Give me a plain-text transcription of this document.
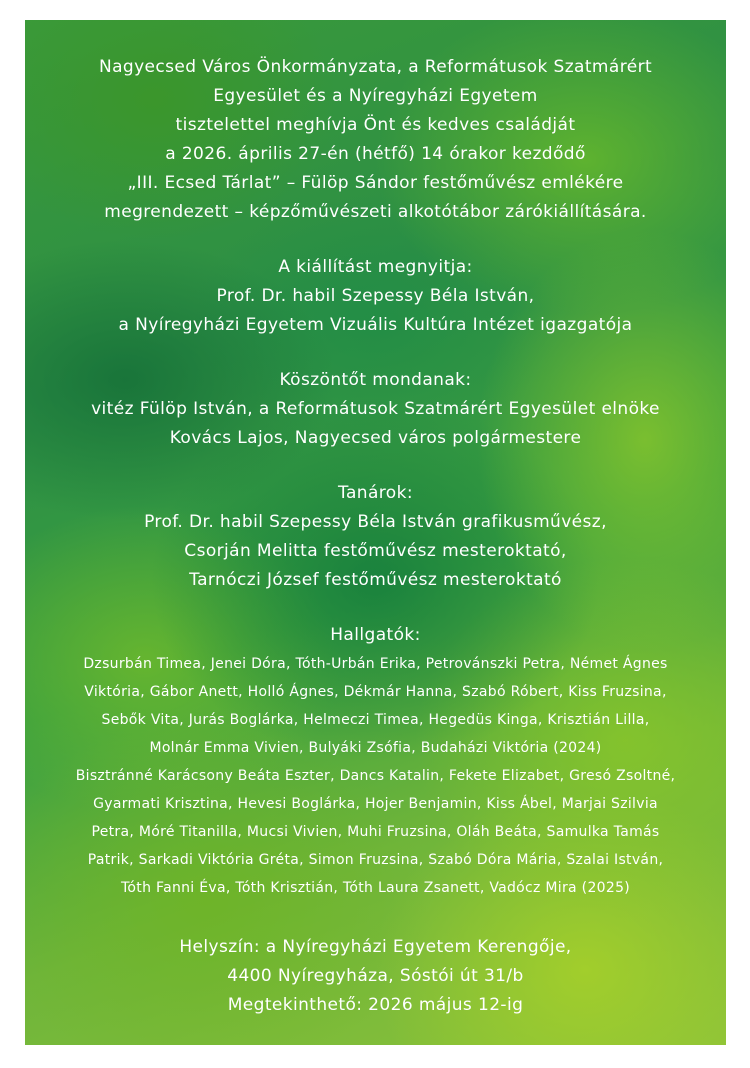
Nagyecsed Város Önkormányzata, a Reformátusok Szatmárért
Egyesület és a Nyíregyházi Egyetem
tisztelettel meghívja Önt és kedves családját
a 2026. április 27-én (hétfő) 14 órakor kezdődő
„III. Ecsed Tárlat” – Fülöp Sándor festőművész emlékére
megrendezett – képzőművészeti alkotótábor zárókiállítására.
A kiállítást megnyitja:
Prof. Dr. habil Szepessy Béla István,
a Nyíregyházi Egyetem Vizuális Kultúra Intézet igazgatója
Köszöntőt mondanak:
vitéz Fülöp István, a Reformátusok Szatmárért Egyesület elnöke
Kovács Lajos, Nagyecsed város polgármestere
Tanárok:
Prof. Dr. habil Szepessy Béla István grafikusművész,
Csorján Melitta festőművész mesteroktató,
Tarnóczi József festőművész mesteroktató
Hallgatók:
Dzsurbán Timea, Jenei Dóra, Tóth-Urbán Erika, Petrovánszki Petra, Német Ágnes
Viktória, Gábor Anett, Holló Ágnes, Dékmár Hanna, Szabó Róbert, Kiss Fruzsina,
Sebők Vita, Jurás Boglárka, Helmeczi Timea, Hegedüs Kinga, Krisztián Lilla,
Molnár Emma Vivien, Bulyáki Zsófia, Budaházi Viktória (2024)
Bisztránné Karácsony Beáta Eszter, Dancs Katalin, Fekete Elizabet, Gresó Zsoltné,
Gyarmati Krisztina, Hevesi Boglárka, Hojer Benjamin, Kiss Ábel, Marjai Szilvia
Petra, Móré Titanilla, Mucsi Vivien, Muhi Fruzsina, Oláh Beáta, Samulka Tamás
Patrik, Sarkadi Viktória Gréta, Simon Fruzsina, Szabó Dóra Mária, Szalai István,
Tóth Fanni Éva, Tóth Krisztián, Tóth Laura Zsanett, Vadócz Mira (2025)
Helyszín: a Nyíregyházi Egyetem Kerengője,
4400 Nyíregyháza, Sóstói út 31/b
Megtekinthető: 2026 május 12-ig
